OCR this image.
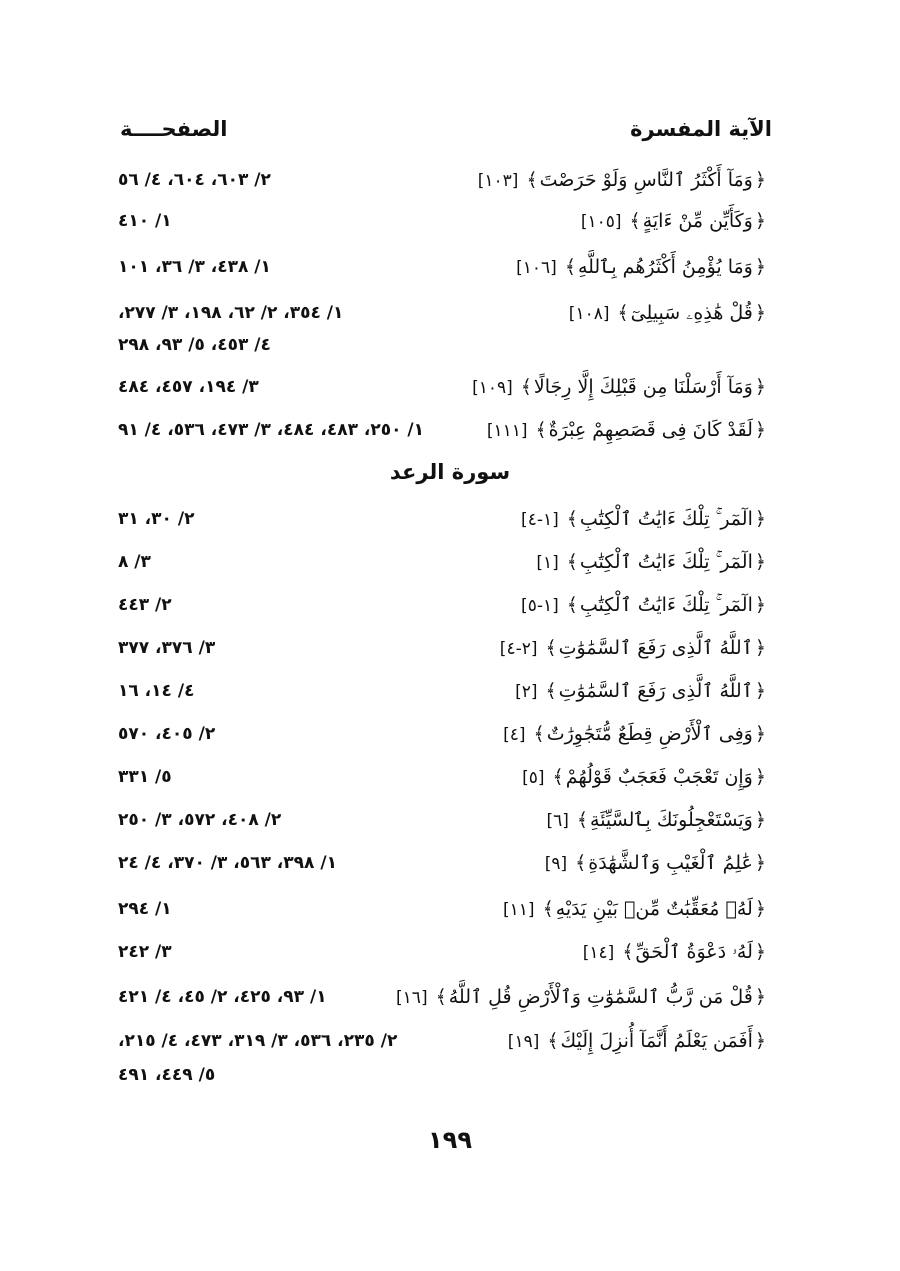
الآية المفسرة
الصفحــــة
﴿وَمَآ أَكْثَرُ ٱلنَّاسِ وَلَوْ حَرَصْتَ﴾[١٠٣]
٢/ ٦٠٣، ٦٠٤، ٤/ ٥٦
﴿وَكَأَيِّن مِّنْ ءَايَةٍ﴾[١٠٥]
١/ ٤١٠
﴿وَمَا يُؤْمِنُ أَكْثَرُهُم بِٱللَّهِ﴾[١٠٦]
١/ ٤٣٨، ٣/ ٣٦، ١٠١
﴿قُلْ هَٰذِهِۦ سَبِيلِىٓ﴾[١٠٨]
١/ ٣٥٤، ٢/ ٦٢، ١٩٨، ٣/ ٢٧٧،
٤/ ٤٥٣، ٥/ ٩٣، ٢٩٨
﴿وَمَآ أَرْسَلْنَا مِن قَبْلِكَ إِلَّا رِجَالًا﴾[١٠٩]
٣/ ١٩٤، ٤٥٧، ٤٨٤
﴿لَقَدْ كَانَ فِى قَصَصِهِمْ عِبْرَةٌ﴾[١١١]
١/ ٢٥٠، ٤٨٣، ٤٨٤، ٣/ ٤٧٣، ٥٣٦، ٤/ ٩١
سورة الرعد
﴿الٓمٓر ۚ تِلْكَ ءَايَٰتُ ٱلْكِتَٰبِ﴾[١-٤]
٢/ ٣٠، ٣١
﴿الٓمٓر ۚ تِلْكَ ءَايَٰتُ ٱلْكِتَٰبِ﴾[١]
٣/ ٨
﴿الٓمٓر ۚ تِلْكَ ءَايَٰتُ ٱلْكِتَٰبِ﴾[١-٥]
٢/ ٤٤٣
﴿ٱللَّهُ ٱلَّذِى رَفَعَ ٱلسَّمَٰوَٰتِ﴾[٢-٤]
٣/ ٣٧٦، ٣٧٧
﴿ٱللَّهُ ٱلَّذِى رَفَعَ ٱلسَّمَٰوَٰتِ﴾[٢]
٤/ ١٤، ١٦
﴿وَفِى ٱلْأَرْضِ قِطَعٌ مُّتَجَٰوِرَٰتٌ﴾[٤]
٢/ ٤٠٥، ٥٧٠
﴿وَإِن تَعْجَبْ فَعَجَبٌ قَوْلُهُمْ﴾[٥]
٥/ ٣٣١
﴿وَيَسْتَعْجِلُونَكَ بِٱلسَّيِّئَةِ﴾[٦]
٢/ ٤٠٨، ٥٧٢، ٣/ ٢٥٠
﴿عَٰلِمُ ٱلْغَيْبِ وَٱلشَّهَٰدَةِ﴾[٩]
١/ ٣٩٨، ٥٦٣، ٣/ ٣٧٠، ٤/ ٢٤
﴿لَهُۥ مُعَقِّبَٰتٌ مِّنۢ بَيْنِ يَدَيْهِ﴾[١١]
١/ ٢٩٤
﴿لَهُۥ دَعْوَةُ ٱلْحَقِّ﴾[١٤]
٣/ ٢٤٢
﴿قُلْ مَن رَّبُّ ٱلسَّمَٰوَٰتِ وَٱلْأَرْضِ قُلِ ٱللَّهُ﴾[١٦]
١/ ٩٣، ٤٢٥، ٢/ ٤٥، ٤/ ٤٢١
﴿أَفَمَن يَعْلَمُ أَنَّمَآ أُنزِلَ إِلَيْكَ﴾[١٩]
٢/ ٢٣٥، ٥٣٦، ٣/ ٣١٩، ٤٧٣، ٤/ ٢١٥،
٥/ ٤٤٩، ٤٩١
١٩٩
